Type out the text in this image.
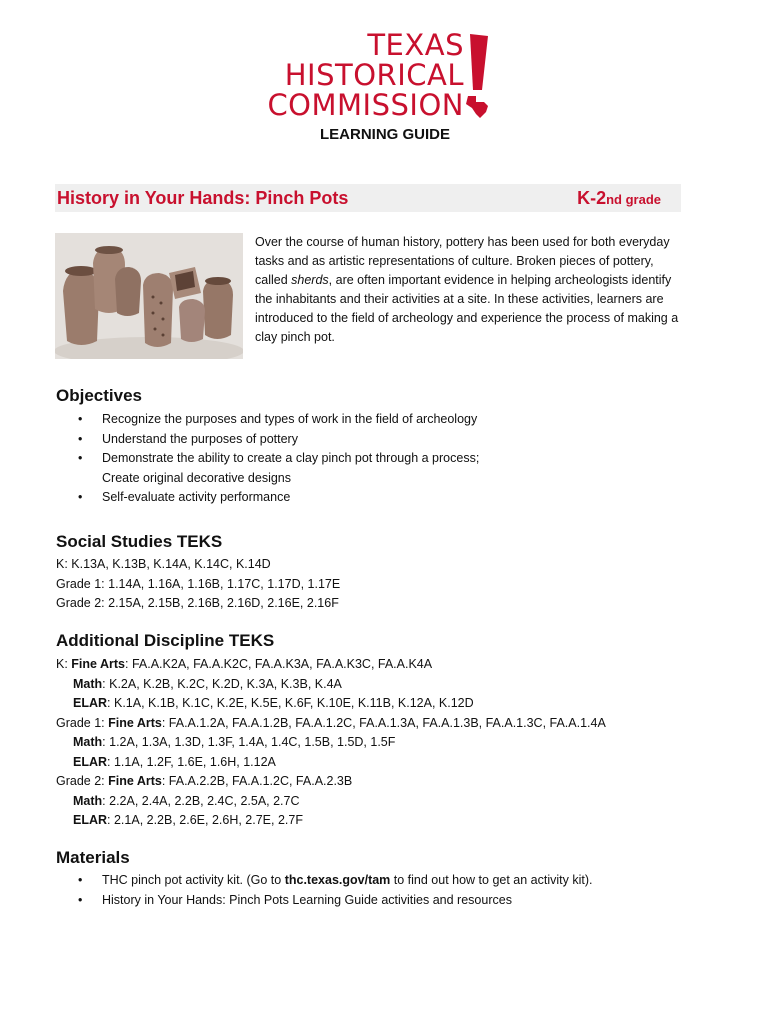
TEXAS
HISTORICAL
COMMISSION
LEARNING GUIDE
History in Your Hands: Pinch Pots	K-2nd grade
Over the course of human history, pottery has been used for both everyday tasks and as artistic representations of culture. Broken pieces of pottery, called sherds, are often important evidence in helping archeologists identify the inhabitants and their activities at a site. In these activities, learners are introduced to the field of archeology and experience the process of making a clay pinch pot.
Objectives
• Recognize the purposes and types of work in the field of archeology
• Understand the purposes of pottery
• Demonstrate the ability to create a clay pinch pot through a process;
Create original decorative designs
• Self-evaluate activity performance
Social Studies TEKS
K: K.13A, K.13B, K.14A, K.14C, K.14D
Grade 1: 1.14A, 1.16A, 1.16B, 1.17C, 1.17D, 1.17E
Grade 2: 2.15A, 2.15B, 2.16B, 2.16D, 2.16E, 2.16F
Additional Discipline TEKS
K: Fine Arts: FA.A.K2A, FA.A.K2C, FA.A.K3A, FA.A.K3C, FA.A.K4A
Math: K.2A, K.2B, K.2C, K.2D, K.3A, K.3B, K.4A
ELAR: K.1A, K.1B, K.1C, K.2E, K.5E, K.6F, K.10E, K.11B, K.12A, K.12D
Grade 1: Fine Arts: FA.A.1.2A, FA.A.1.2B, FA.A.1.2C, FA.A.1.3A, FA.A.1.3B, FA.A.1.3C, FA.A.1.4A
Math: 1.2A, 1.3A, 1.3D, 1.3F, 1.4A, 1.4C, 1.5B, 1.5D, 1.5F
ELAR: 1.1A, 1.2F, 1.6E, 1.6H, 1.12A
Grade 2: Fine Arts: FA.A.2.2B, FA.A.1.2C, FA.A.2.3B
Math: 2.2A, 2.4A, 2.2B, 2.4C, 2.5A, 2.7C
ELAR: 2.1A, 2.2B, 2.6E, 2.6H, 2.7E, 2.7F
Materials
• THC pinch pot activity kit. (Go to thc.texas.gov/tam to find out how to get an activity kit).
• History in Your Hands: Pinch Pots Learning Guide activities and resources
